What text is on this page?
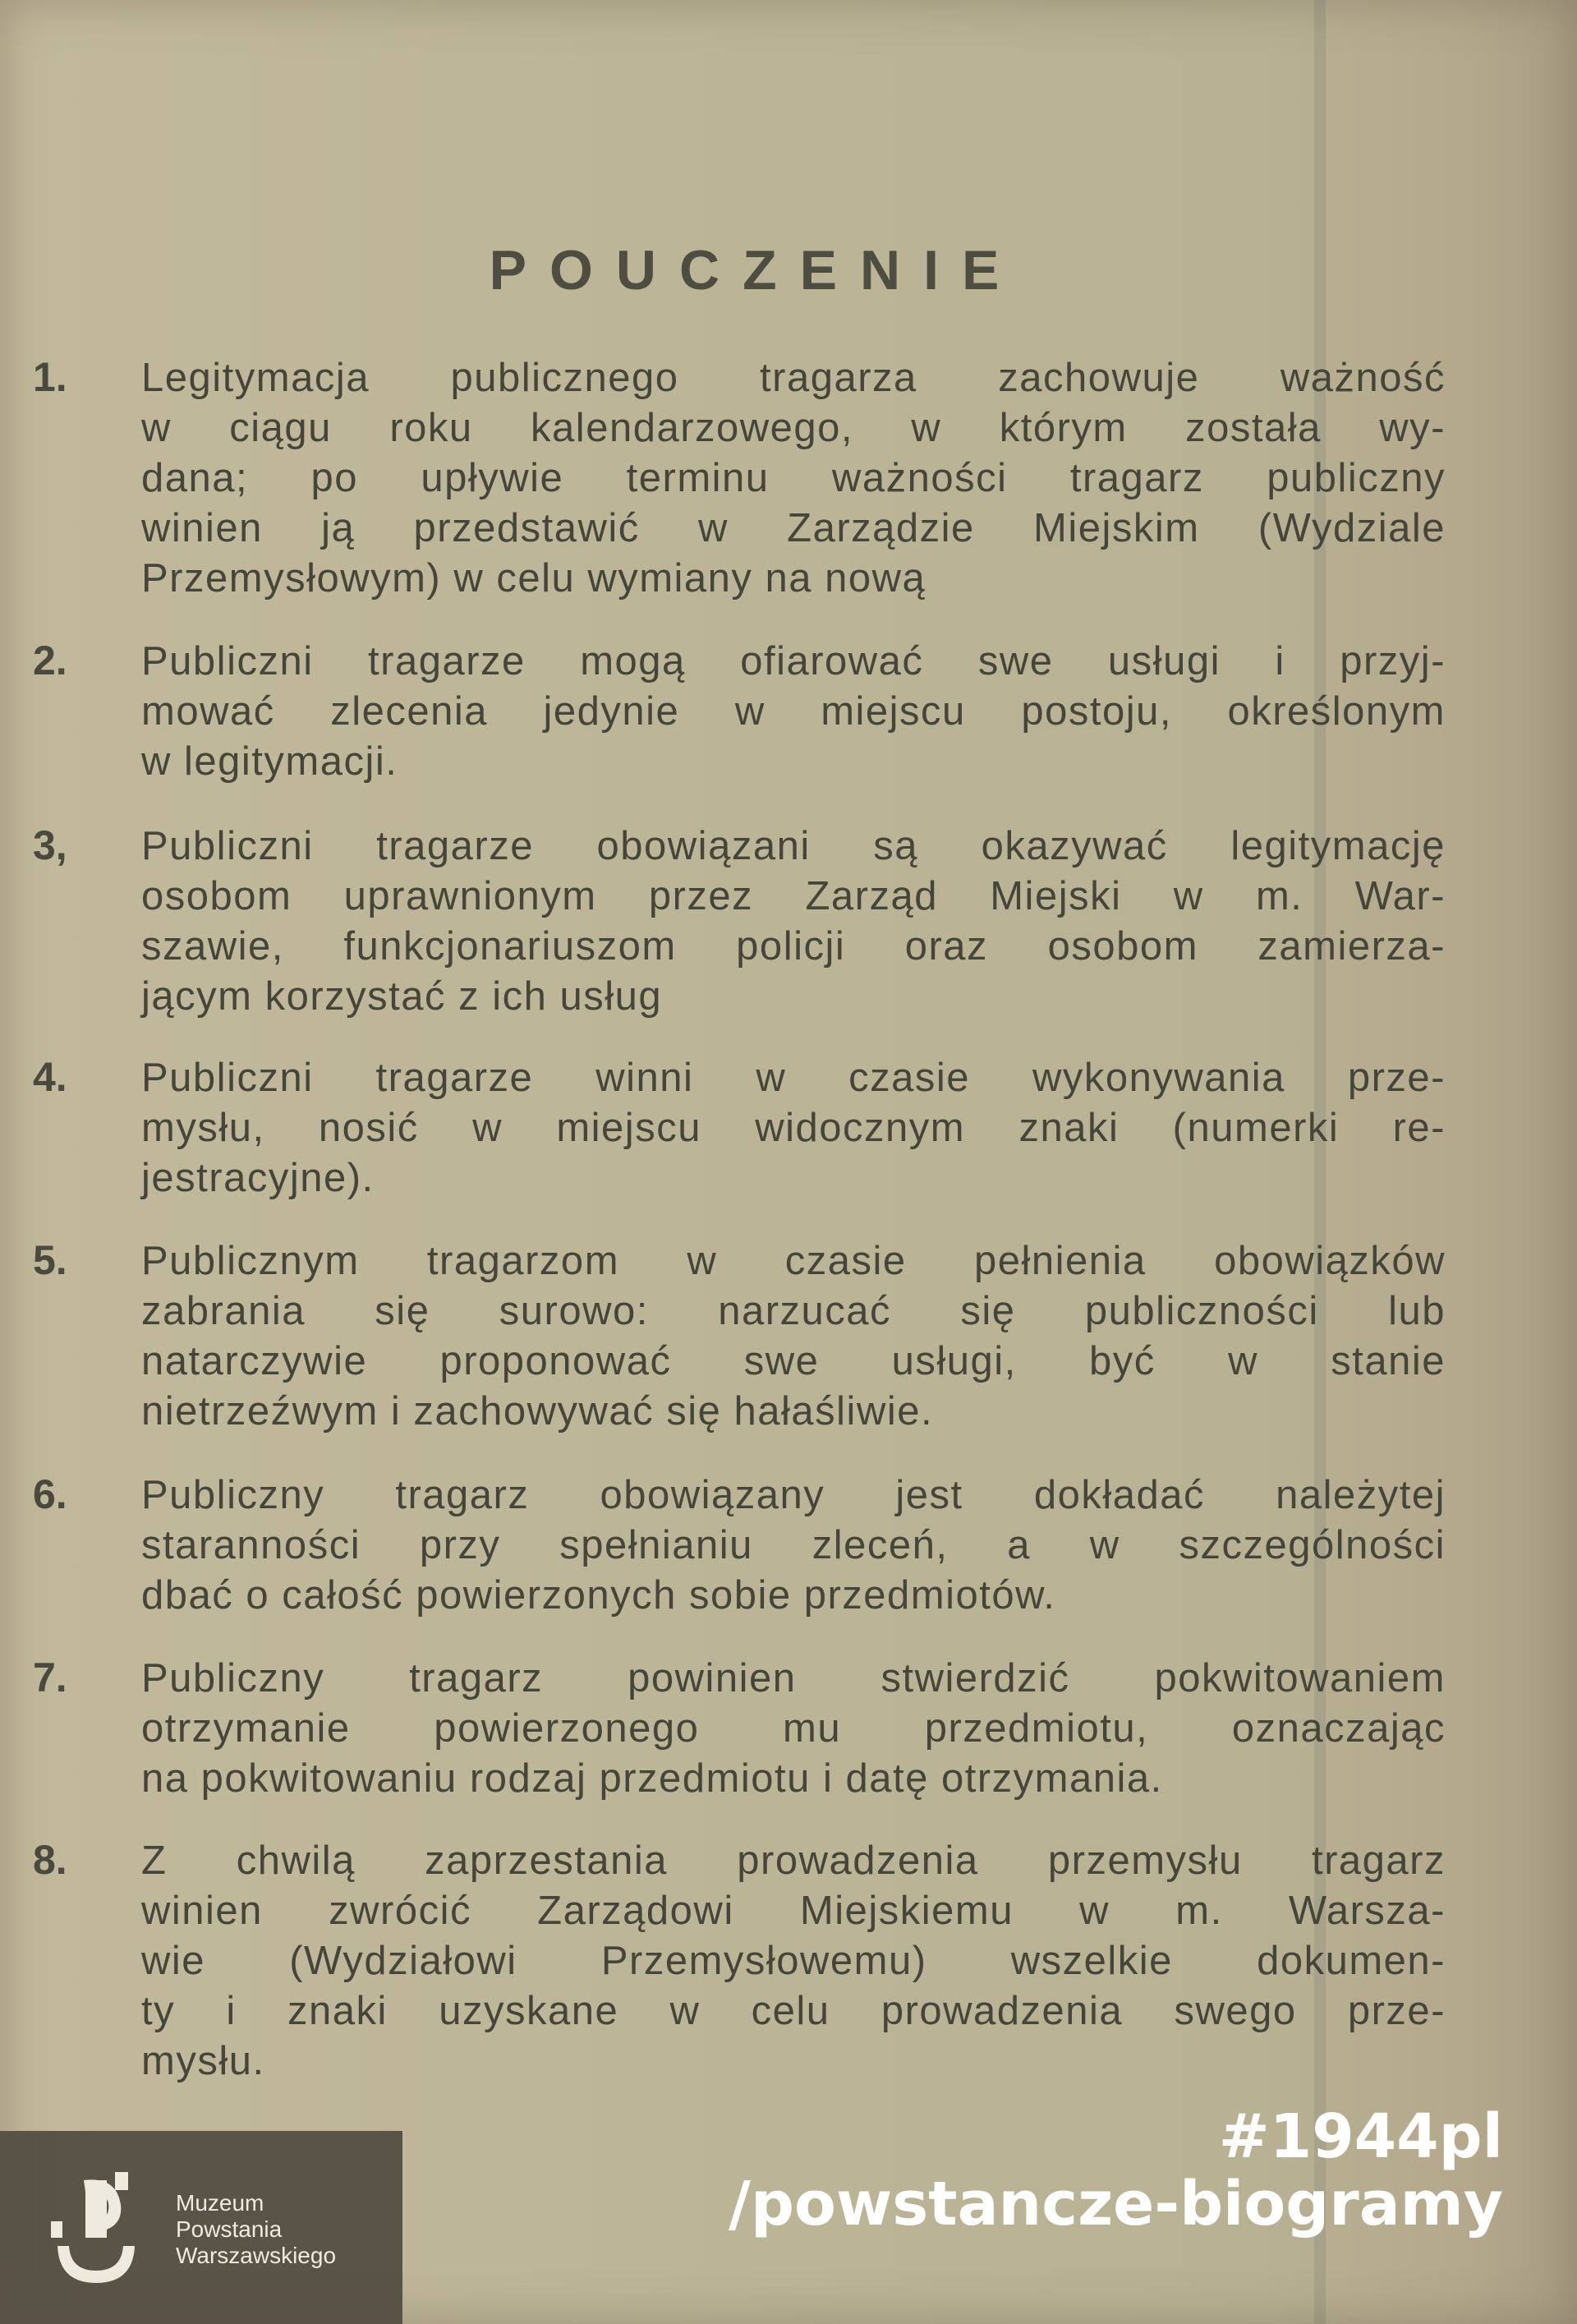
POUCZENIE
1.	Legitymacja publicznego tragarza zachowuje ważność
w ciągu roku kalendarzowego, w którym została wy-
dana; po upływie terminu ważności tragarz publiczny
winien ją przedstawić w Zarządzie Miejskim (Wydziale
Przemysłowym) w celu wymiany na nową
2.	Publiczni tragarze mogą ofiarować swe usługi i przyj-
mować zlecenia jedynie w miejscu postoju, określonym
w legitymacji.
3,	Publiczni tragarze obowiązani są okazywać legitymację
osobom uprawnionym przez Zarząd Miejski w m. War-
szawie, funkcjonariuszom policji oraz osobom zamierza-
jącym korzystać z ich usług
4.	Publiczni tragarze winni w czasie wykonywania prze-
mysłu, nosić w miejscu widocznym znaki (numerki re-
jestracyjne).
5.	Publicznym tragarzom w czasie pełnienia obowiązków
zabrania się surowo: narzucać się publiczności lub
natarczywie proponować swe usługi, być w stanie
nietrzeźwym i zachowywać się hałaśliwie.
6.	Publiczny tragarz obowiązany jest dokładać należytej
staranności przy spełnianiu zleceń, a w szczególności
dbać o całość powierzonych sobie przedmiotów.
7.	Publiczny tragarz powinien stwierdzić pokwitowaniem
otrzymanie powierzonego mu przedmiotu, oznaczając
na pokwitowaniu rodzaj przedmiotu i datę otrzymania.
8.	Z chwilą zaprzestania prowadzenia przemysłu tragarz
winien zwrócić Zarządowi Miejskiemu w m. Warsza-
wie (Wydziałowi Przemysłowemu) wszelkie dokumen-
ty i znaki uzyskane w celu prowadzenia swego prze-
mysłu.
Muzeum
Powstania
Warszawskiego
#1944pl
/powstancze-biogramy
